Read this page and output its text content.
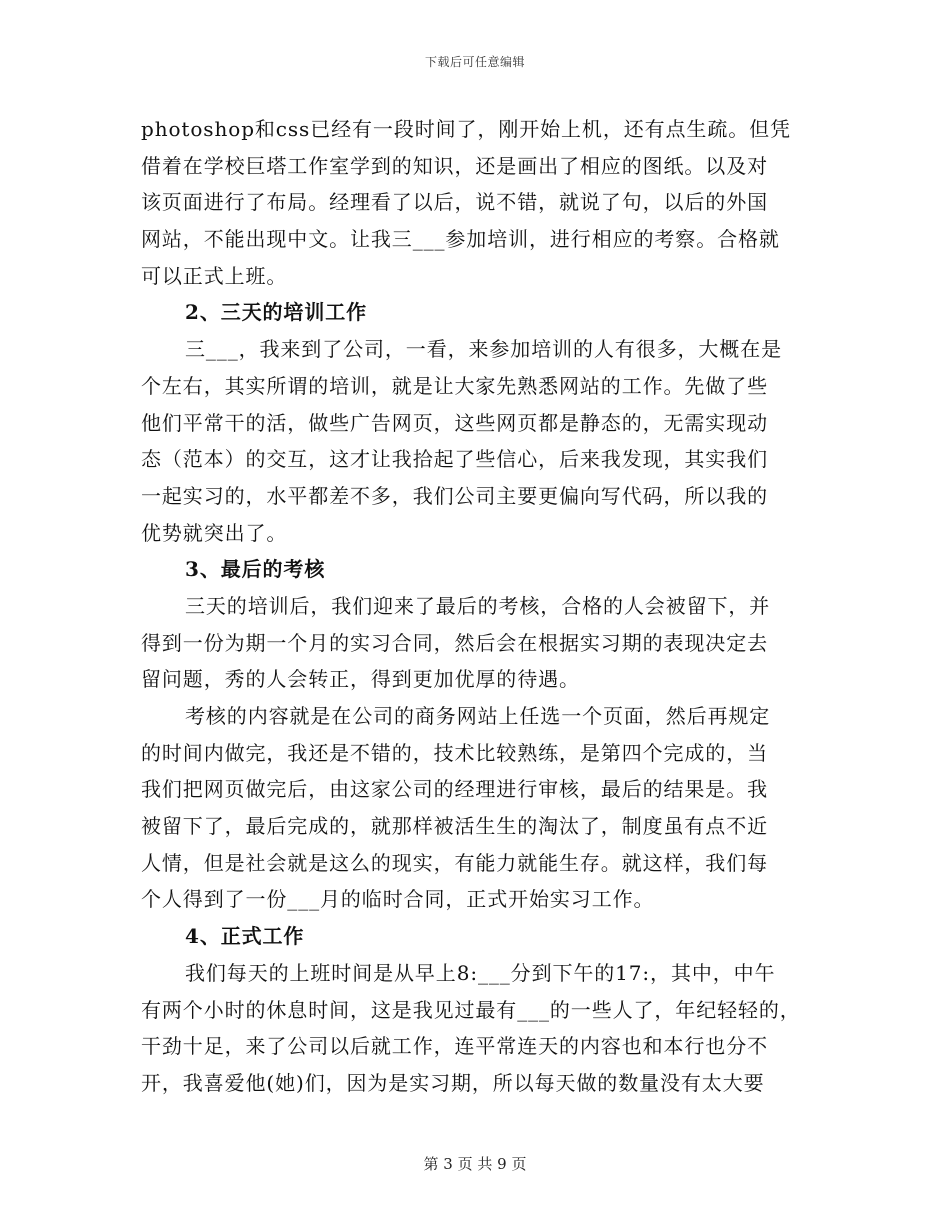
下载后可任意编辑
photoshop和css已经有一段时间了，刚开始上机，还有点生疏。但凭
借着在学校巨塔工作室学到的知识，还是画出了相应的图纸。以及对
该页面进行了布局。经理看了以后，说不错，就说了句，以后的外国
网站，不能出现中文。让我三___参加培训，进行相应的考察。合格就
可以正式上班。
2、三天的培训工作
三___，我来到了公司，一看，来参加培训的人有很多，大概在是
个左右，其实所谓的培训，就是让大家先熟悉网站的工作。先做了些
他们平常干的活，做些广告网页，这些网页都是静态的，无需实现动
态（范本）的交互，这才让我拾起了些信心，后来我发现，其实我们
一起实习的，水平都差不多，我们公司主要更偏向写代码，所以我的
优势就突出了。
3、最后的考核
三天的培训后，我们迎来了最后的考核，合格的人会被留下，并
得到一份为期一个月的实习合同，然后会在根据实习期的表现决定去
留问题，秀的人会转正，得到更加优厚的待遇。
考核的内容就是在公司的商务网站上任选一个页面，然后再规定
的时间内做完，我还是不错的，技术比较熟练，是第四个完成的，当
我们把网页做完后，由这家公司的经理进行审核，最后的结果是。我
被留下了，最后完成的，就那样被活生生的淘汰了，制度虽有点不近
人情，但是社会就是这么的现实，有能力就能生存。就这样，我们每
个人得到了一份___月的临时合同，正式开始实习工作。
4、正式工作
我们每天的上班时间是从早上8:___分到下午的17:，其中，中午
有两个小时的休息时间，这是我见过最有___的一些人了，年纪轻轻的，
干劲十足，来了公司以后就工作，连平常连天的内容也和本行也分不
开，我喜爱他(她)们，因为是实习期，所以每天做的数量没有太大要
第 3 页 共 9 页
